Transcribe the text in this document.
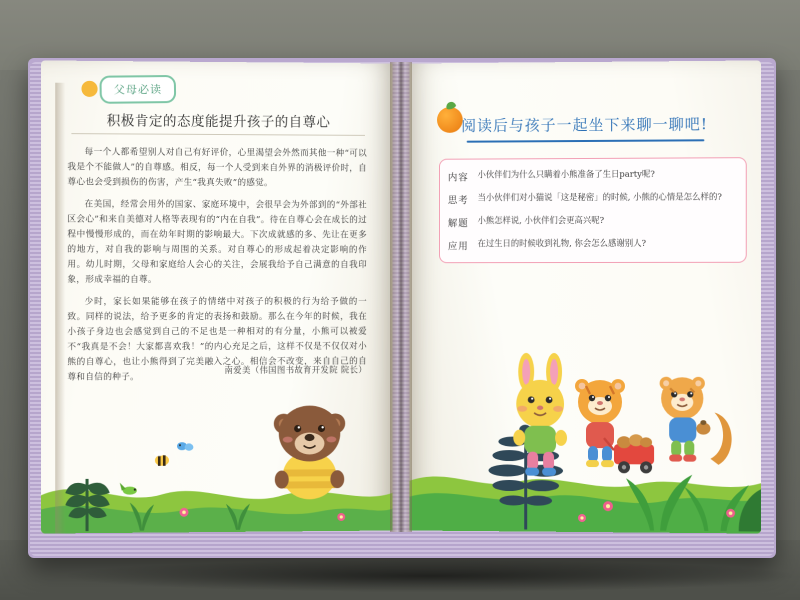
父母必读
积极肯定的态度能提升孩子的自尊心

每一个人都希望别人对自己有好评价，心里渴望会外然而其他一种“可以我是个不能做人”的自尊感。相反，每一个人受到来自外界的消极评价时，自尊心也会受到损伤的伤害，产生“我真失败”的感觉。

在美国，经常会用外的国家、家庭环境中，会很早会为外部到的“外部社区会心”和来自美德对人格等表现有的“内在自我”。待在自尊心会在成长的过程中慢慢形成的，而在幼年时期的影响最大。下次成就感的多、先让在更多的地方，对自我的影响与周围的关系。对自尊心的形成起着决定影响的作用。幼儿时期，父母和家庭给人会心的关注，会展我给予自己满意的自我印象，形成幸福的自尊。

少时，家长如果能够在孩子的情绪中对孩子的积极的行为给予做的一致。同样的说法，给予更多的肯定的表扬和鼓励。那么在今年的时候，我在小孩子身边也会感觉到自己的不足也是一种相对的有分量，小熊可以被爱不“我真是不会！大家都喜欢我！”的内心充足之后，这样不仅是不仅仅对小熊的自尊心，也让小熊得到了完美融入之心。相信会不改变，来自自己的自尊和自信的种子。

南爱美（伟国图书故育开发院 院长）
阅读后与孩子一起坐下来聊一聊吧!
内容	小伙伴们为什么只瞒着小熊准备了生日party呢?
思考	当小伙伴们对小猫说「这是秘密」的时候, 小熊的心情是怎么样的?
解题	小熊怎样说, 小伙伴们会更高兴呢?
应用	在过生日的时候收到礼物, 你会怎么感谢别人?
